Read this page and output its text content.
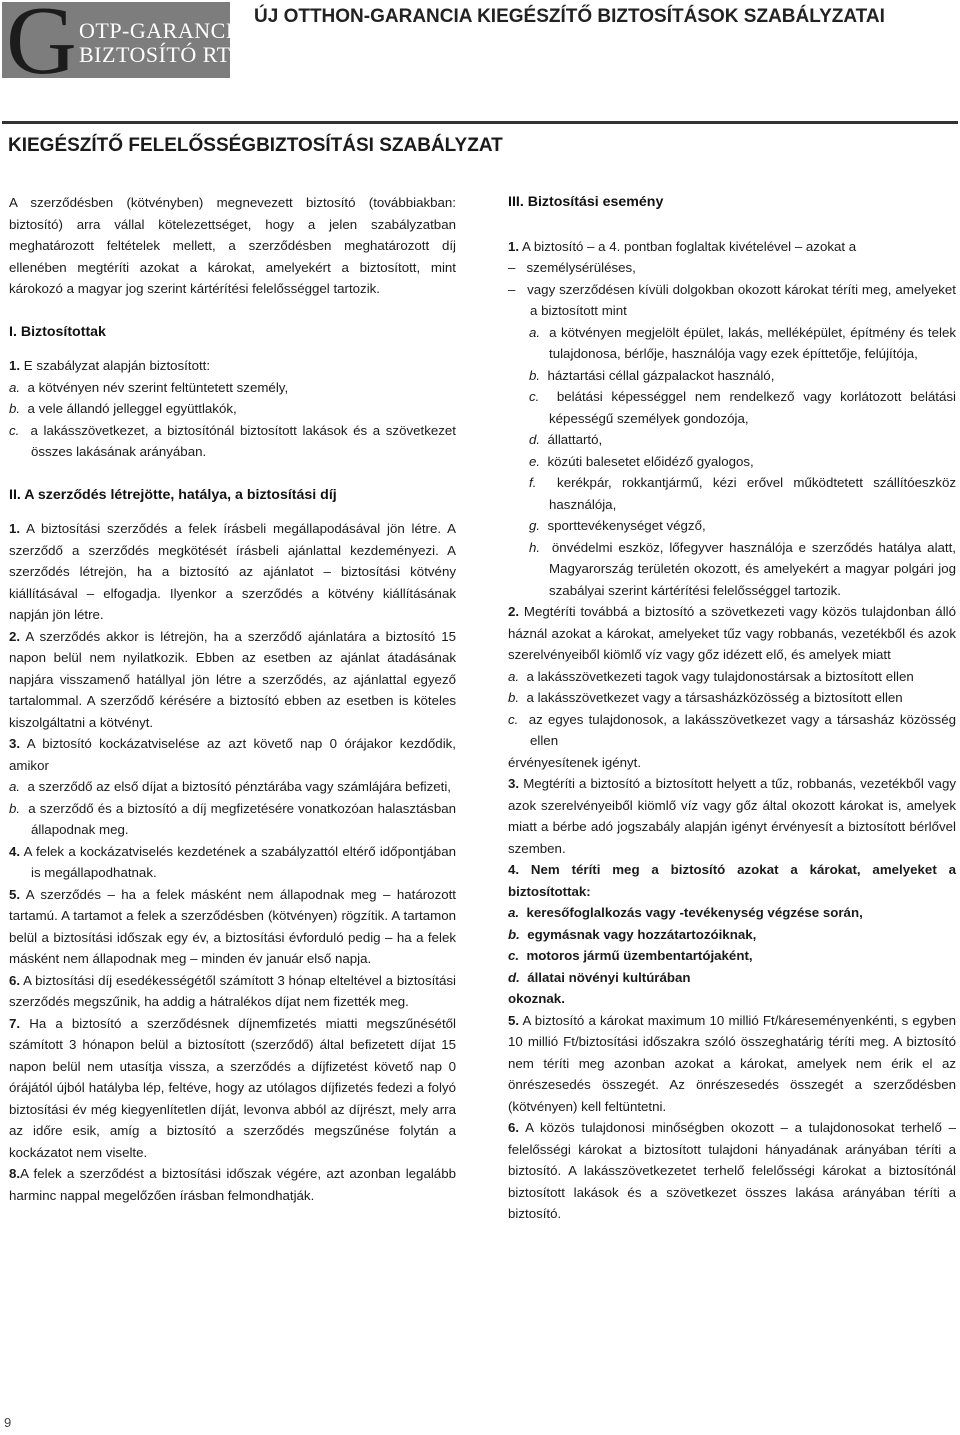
G OTP-GARANCIA
BIZTOSÍTÓ RT.
ÚJ OTTHON-GARANCIA KIEGÉSZÍTŐ BIZTOSÍTÁSOK SZABÁLYZATAI
KIEGÉSZÍTŐ FELELŐSSÉGBIZTOSÍTÁSI SZABÁLYZAT

A szerződésben (kötvényben) megnevezett biztosító (továbbiakban: biztosító) arra vállal kötelezettséget, hogy a jelen szabályzatban meghatározott feltételek mellett, a szerződésben meghatározott díj ellenében megtéríti azokat a károkat, amelyekért a biztosított, mint károkozó a magyar jog szerint kártérítési felelősséggel tartozik.

I. Biztosítottak

1. E szabályzat alapján biztosított:

a. a kötvényen név szerint feltüntetett személy,

b. a vele állandó jelleggel együttlakók,

c. a lakásszövetkezet, a biztosítónál biztosított lakások és a szövetkezet összes lakásának arányában.

II. A szerződés létrejötte, hatálya, a biztosítási díj

1. A biztosítási szerződés a felek írásbeli megállapodásával jön létre. A szerződő a szerződés megkötését írásbeli ajánlattal kezdeményezi. A szerződés létrejön, ha a biztosító az ajánlatot – biztosítási kötvény kiállításával – elfogadja. Ilyenkor a szerződés a kötvény kiállításának napján jön létre.

2. A szerződés akkor is létrejön, ha a szerződő ajánlatára a biztosító 15 napon belül nem nyilatkozik. Ebben az esetben az ajánlat átadásának napjára visszamenő hatállyal jön létre a szerződés, az ajánlattal egyező tartalommal. A szerződő kérésére a biztosító ebben az esetben is köteles kiszolgáltatni a kötvényt.

3. A biztosító kockázatviselése az azt követő nap 0 órájakor kezdődik, amikor

a. a szerződő az első díjat a biztosító pénztárába vagy számlájára befizeti,

b. a szerződő és a biztosító a díj megfizetésére vonatkozóan halasztásban állapodnak meg.

4. A felek a kockázatviselés kezdetének a szabályzattól eltérő időpontjában is megállapodhatnak.

5. A szerződés – ha a felek másként nem állapodnak meg – határozott tartamú. A tartamot a felek a szerződésben (kötvényen) rögzítik. A tartamon belül a biztosítási időszak egy év, a biztosítási évforduló pedig – ha a felek másként nem állapodnak meg – minden év január első napja.

6. A biztosítási díj esedékességétől számított 3 hónap elteltével a biztosítási szerződés megszűnik, ha addig a hátralékos díjat nem fizették meg.

7. Ha a biztosító a szerződésnek díjnemfizetés miatti megszűnésétől számított 3 hónapon belül a biztosított (szerződő) által befizetett díjat 15 napon belül nem utasítja vissza, a szerződés a díjfizetést követő nap 0 órájától újból hatályba lép, feltéve, hogy az utólagos díjfizetés fedezi a folyó biztosítási év még kiegyenlítetlen díját, levonva abból az díjrészt, mely arra az időre esik, amíg a biztosító a szerződés megszűnése folytán a kockázatot nem viselte.

8.A felek a szerződést a biztosítási időszak végére, azt azonban legalább harminc nappal megelőzően írásban felmondhatják.

III. Biztosítási esemény

1. A biztosító – a 4. pontban foglaltak kivételével – azokat a

– személysérüléses,

– vagy szerződésen kívüli dolgokban okozott károkat téríti meg, amelyeket a biztosított mint

a. a kötvényen megjelölt épület, lakás, melléképület, építmény és telek tulajdonosa, bérlője, használója vagy ezek építtetője, felújítója,

b. háztartási céllal gázpalackot használó,

c. belátási képességgel nem rendelkező vagy korlátozott belátási képességű személyek gondozója,

d. állattartó,

e. közúti balesetet előidéző gyalogos,

f. kerékpár, rokkantjármű, kézi erővel működtetett szállítóeszköz használója,

g. sporttevékenységet végző,

h. önvédelmi eszköz, lőfegyver használója e szerződés hatálya alatt, Magyarország területén okozott, és amelyekért a magyar polgári jog szabályai szerint kártérítési felelősséggel tartozik.

2. Megtéríti továbbá a biztosító a szövetkezeti vagy közös tulajdonban álló háznál azokat a károkat, amelyeket tűz vagy robbanás, vezetékből és azok szerelvényeiből kiömlő víz vagy gőz idézett elő, és amelyek miatt

a. a lakásszövetkezeti tagok vagy tulajdonostársak a biztosított ellen

b. a lakásszövetkezet vagy a társasházközösség a biztosított ellen

c. az egyes tulajdonosok, a lakásszövetkezet vagy a társasház közösség ellen

érvényesítenek igényt.

3. Megtéríti a biztosító a biztosított helyett a tűz, robbanás, vezetékből vagy azok szerelvényeiből kiömlő víz vagy gőz által okozott károkat is, amelyek miatt a bérbe adó jogszabály alapján igényt érvényesít a biztosított bérlővel szemben.

4. Nem téríti meg a biztosító azokat a károkat, amelyeket a biztosítottak:

a. keresőfoglalkozás vagy -tevékenység végzése során,

b. egymásnak vagy hozzátartozóiknak,

c. motoros jármű üzembentartójaként,

d. állatai növényi kultúrában

okoznak.

5. A biztosító a károkat maximum 10 millió Ft/káreseményenkénti, s egyben 10 millió Ft/biztosítási időszakra szóló összeghatárig téríti meg. A biztosító nem téríti meg azonban azokat a károkat, amelyek nem érik el az önrészesedés összegét. Az önrészesedés összegét a szerződésben (kötvényen) kell feltüntetni.

6. A közös tulajdonosi minőségben okozott – a tulajdonosokat terhelő – felelősségi károkat a biztosított tulajdoni hányadának arányában téríti a biztosító. A lakásszövetkezetet terhelő felelősségi károkat a biztosítónál biztosított lakások és a szövetkezet összes lakása arányában téríti a biztosító.

9
